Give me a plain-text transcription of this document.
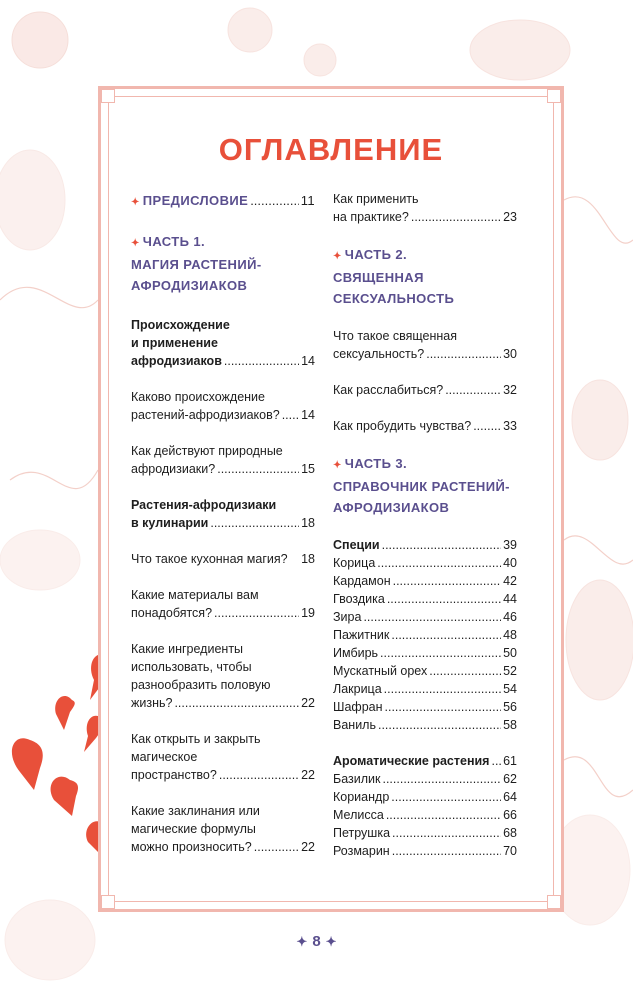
ОГЛАВЛЕНИЕ
✦ ПРЕДИСЛОВИЕ .....	11
✦ ЧАСТЬ 1.
МАГИЯ РАСТЕНИЙ-
АФРОДИЗИАКОВ
Происхождение
и применение
афродизиаков .....	14
Каково происхождение
растений-афродизиаков? ..... 14
Как действуют природные
афродизиаки? .....	15
Растения-афродизиаки
в кулинарии .....	18
Что такое кухонная магия? 18
Какие материалы вам
понадобятся? .....	19
Какие ингредиенты
использовать, чтобы
разнообразить половую
жизнь? .....	22
Как открыть и закрыть
магическое
пространство? .....	22
Какие заклинания или
магические формулы
можно произносить? .....	22
Как применить
на практике? .....	23
✦ ЧАСТЬ 2.
СВЯЩЕННАЯ
СЕКСУАЛЬНОСТЬ
Что такое священная
сексуальность? .....	30
Как расслабиться? .....	32
Как пробудить чувства? .....	33
✦ ЧАСТЬ 3.
СПРАВОЧНИК РАСТЕНИЙ-
АФРОДИЗИАКОВ
Специи .....	39
Корица .....	40
Кардамон .....	42
Гвоздика .....	44
Зира .....	46
Пажитник .....	48
Имбирь .....	50
Мускатный орех .....	52
Лакрица .....	54
Шафран .....	56
Ваниль .....	58
Ароматические растения ..... 61
Базилик .....	62
Кориандр .....	64
Мелисса .....	66
Петрушка .....	68
Розмарин .....	70
✦ 8 ✦
